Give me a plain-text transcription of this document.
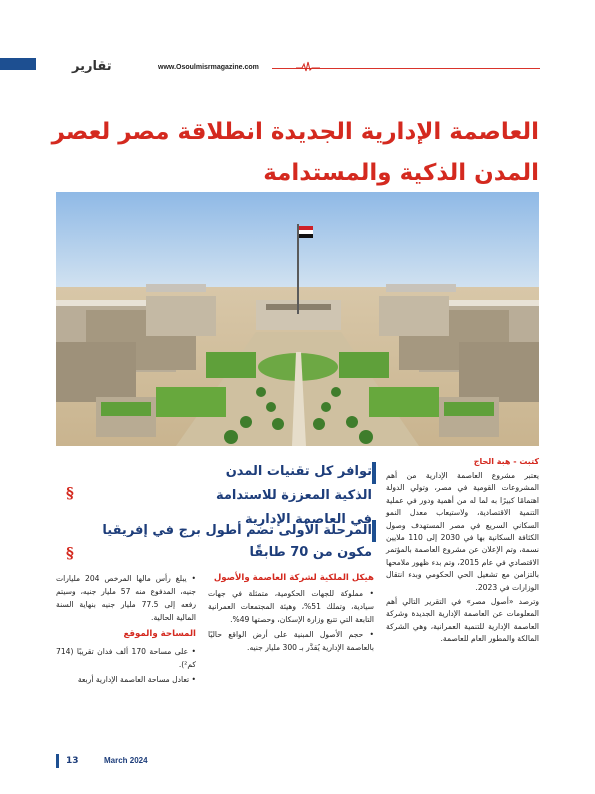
تقارير	www.Osoulmisrmagazine.com
العاصمة الإدارية الجديدة انطلاقة مصر لعصر المدن الذكية والمستدامة
كتبت - هبة الحاج

يعتبر مشروع العاصمة الإدارية من أهم المشروعات القومية في مصر، وتولي الدولة اهتمامًا كبيرًا به لما له من أهمية ودور في عملية التنمية الاقتصادية، ولاستيعاب معدل النمو السكاني السريع في مصر المستهدف وصول الكثافة السكانية بها في 2030 إلى 110 ملايين نسمة، وتم الإعلان عن مشروع العاصمة بالمؤتمر الاقتصادي في عام 2015، وتم بدء ظهور ملامحها بالتزامن مع تشغيل الحي الحكومي وبدء انتقال الوزارات في 2023.

وترصد «أصول مصر» في التقرير التالي أهم المعلومات عن العاصمة الإدارية الجديدة وشركة العاصمة الإدارية للتنمية العمرانية، وهي الشركة المالكة والمطور العام للعاصمة.

توافر كل تقنيات المدن الذكية المعززة للاستدامة في العاصمة الإدارية
§
المرحلة الأولى تضم أطول برج في إفريقيا مكون من 70 طابقًا
§
هيكل الملكية لشركة العاصمة والأصول

• مملوكة للجهات الحكومية، متمثلة في جهات سيادية، وتملك 51%، وهيئة المجتمعات العمرانية التابعة التي تتبع وزارة الإسكان، وحصتها 49%.

• حجم الأصول المبنية على أرض الواقع حاليًا بالعاصمة الإدارية يُقدَّر بـ 300 مليار جنيه.

• يبلغ رأس مالها المرخص 204 مليارات جنيه، المدفوع منه 57 مليار جنيه، وسيتم رفعه إلى 77.5 مليار جنيه بنهاية السنة المالية الحالية.

المساحة والموقع

• على مساحة 170 ألف فدان تقريبًا (714 كم²).

• تعادل مساحة العاصمة الإدارية أربعة

13	March 2024
